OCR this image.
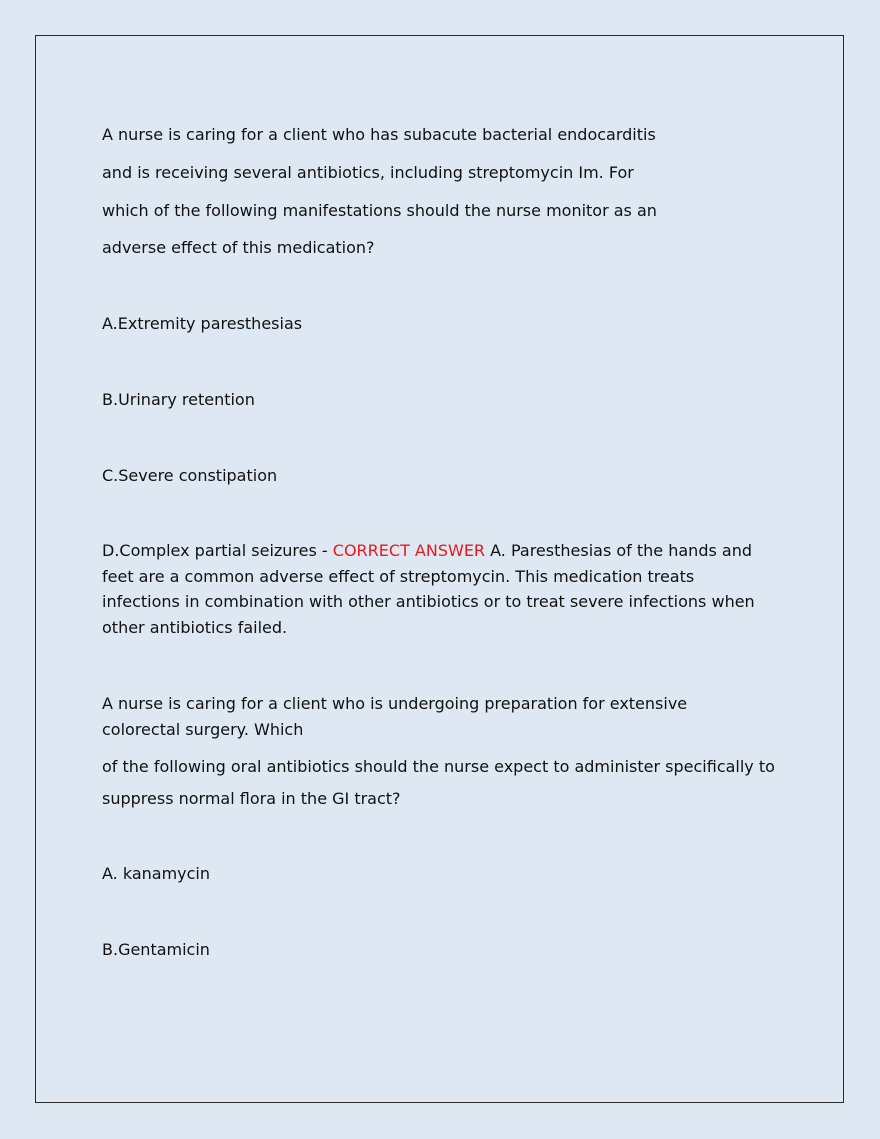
A nurse is caring for a client who has subacute bacterial endocarditis
and is receiving several antibiotics, including streptomycin Im. For
which of the following manifestations should the nurse monitor as an
adverse effect of this medication?
A.Extremity paresthesias
B.Urinary retention
C.Severe constipation
D.Complex partial seizures - CORRECT ANSWER A. Paresthesias of the hands and feet are a common adverse effect of streptomycin. This medication treats infections in combination with other antibiotics or to treat severe infections when other antibiotics failed.
A nurse is caring for a client who is undergoing preparation for extensive colorectal surgery. Which
of the following oral antibiotics should the nurse expect to administer specifically to
suppress normal flora in the GI tract?
A. kanamycin
B.Gentamicin
